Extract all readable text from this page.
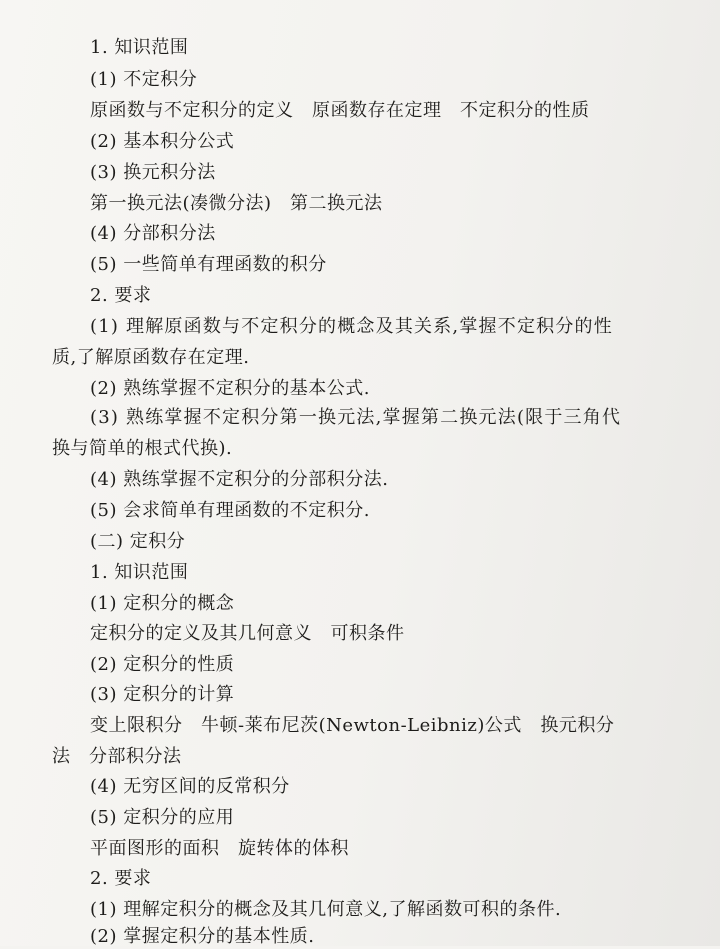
1. 知识范围
(1) 不定积分
原函数与不定积分的定义　原函数存在定理　不定积分的性质
(2) 基本积分公式
(3) 换元积分法
第一换元法(凑微分法)　第二换元法
(4) 分部积分法
(5) 一些简单有理函数的积分
2. 要求
(1) 理解原函数与不定积分的概念及其关系,掌握不定积分的性
质,了解原函数存在定理.
(2) 熟练掌握不定积分的基本公式.
(3) 熟练掌握不定积分第一换元法,掌握第二换元法(限于三角代
换与简单的根式代换).
(4) 熟练掌握不定积分的分部积分法.
(5) 会求简单有理函数的不定积分.
(二) 定积分
1. 知识范围
(1) 定积分的概念
定积分的定义及其几何意义　可积条件
(2) 定积分的性质
(3) 定积分的计算
变上限积分　牛顿-莱布尼茨(Newton-Leibniz)公式　换元积分
法　分部积分法
(4) 无穷区间的反常积分
(5) 定积分的应用
平面图形的面积　旋转体的体积
2. 要求
(1) 理解定积分的概念及其几何意义,了解函数可积的条件.
(2) 掌握定积分的基本性质.
